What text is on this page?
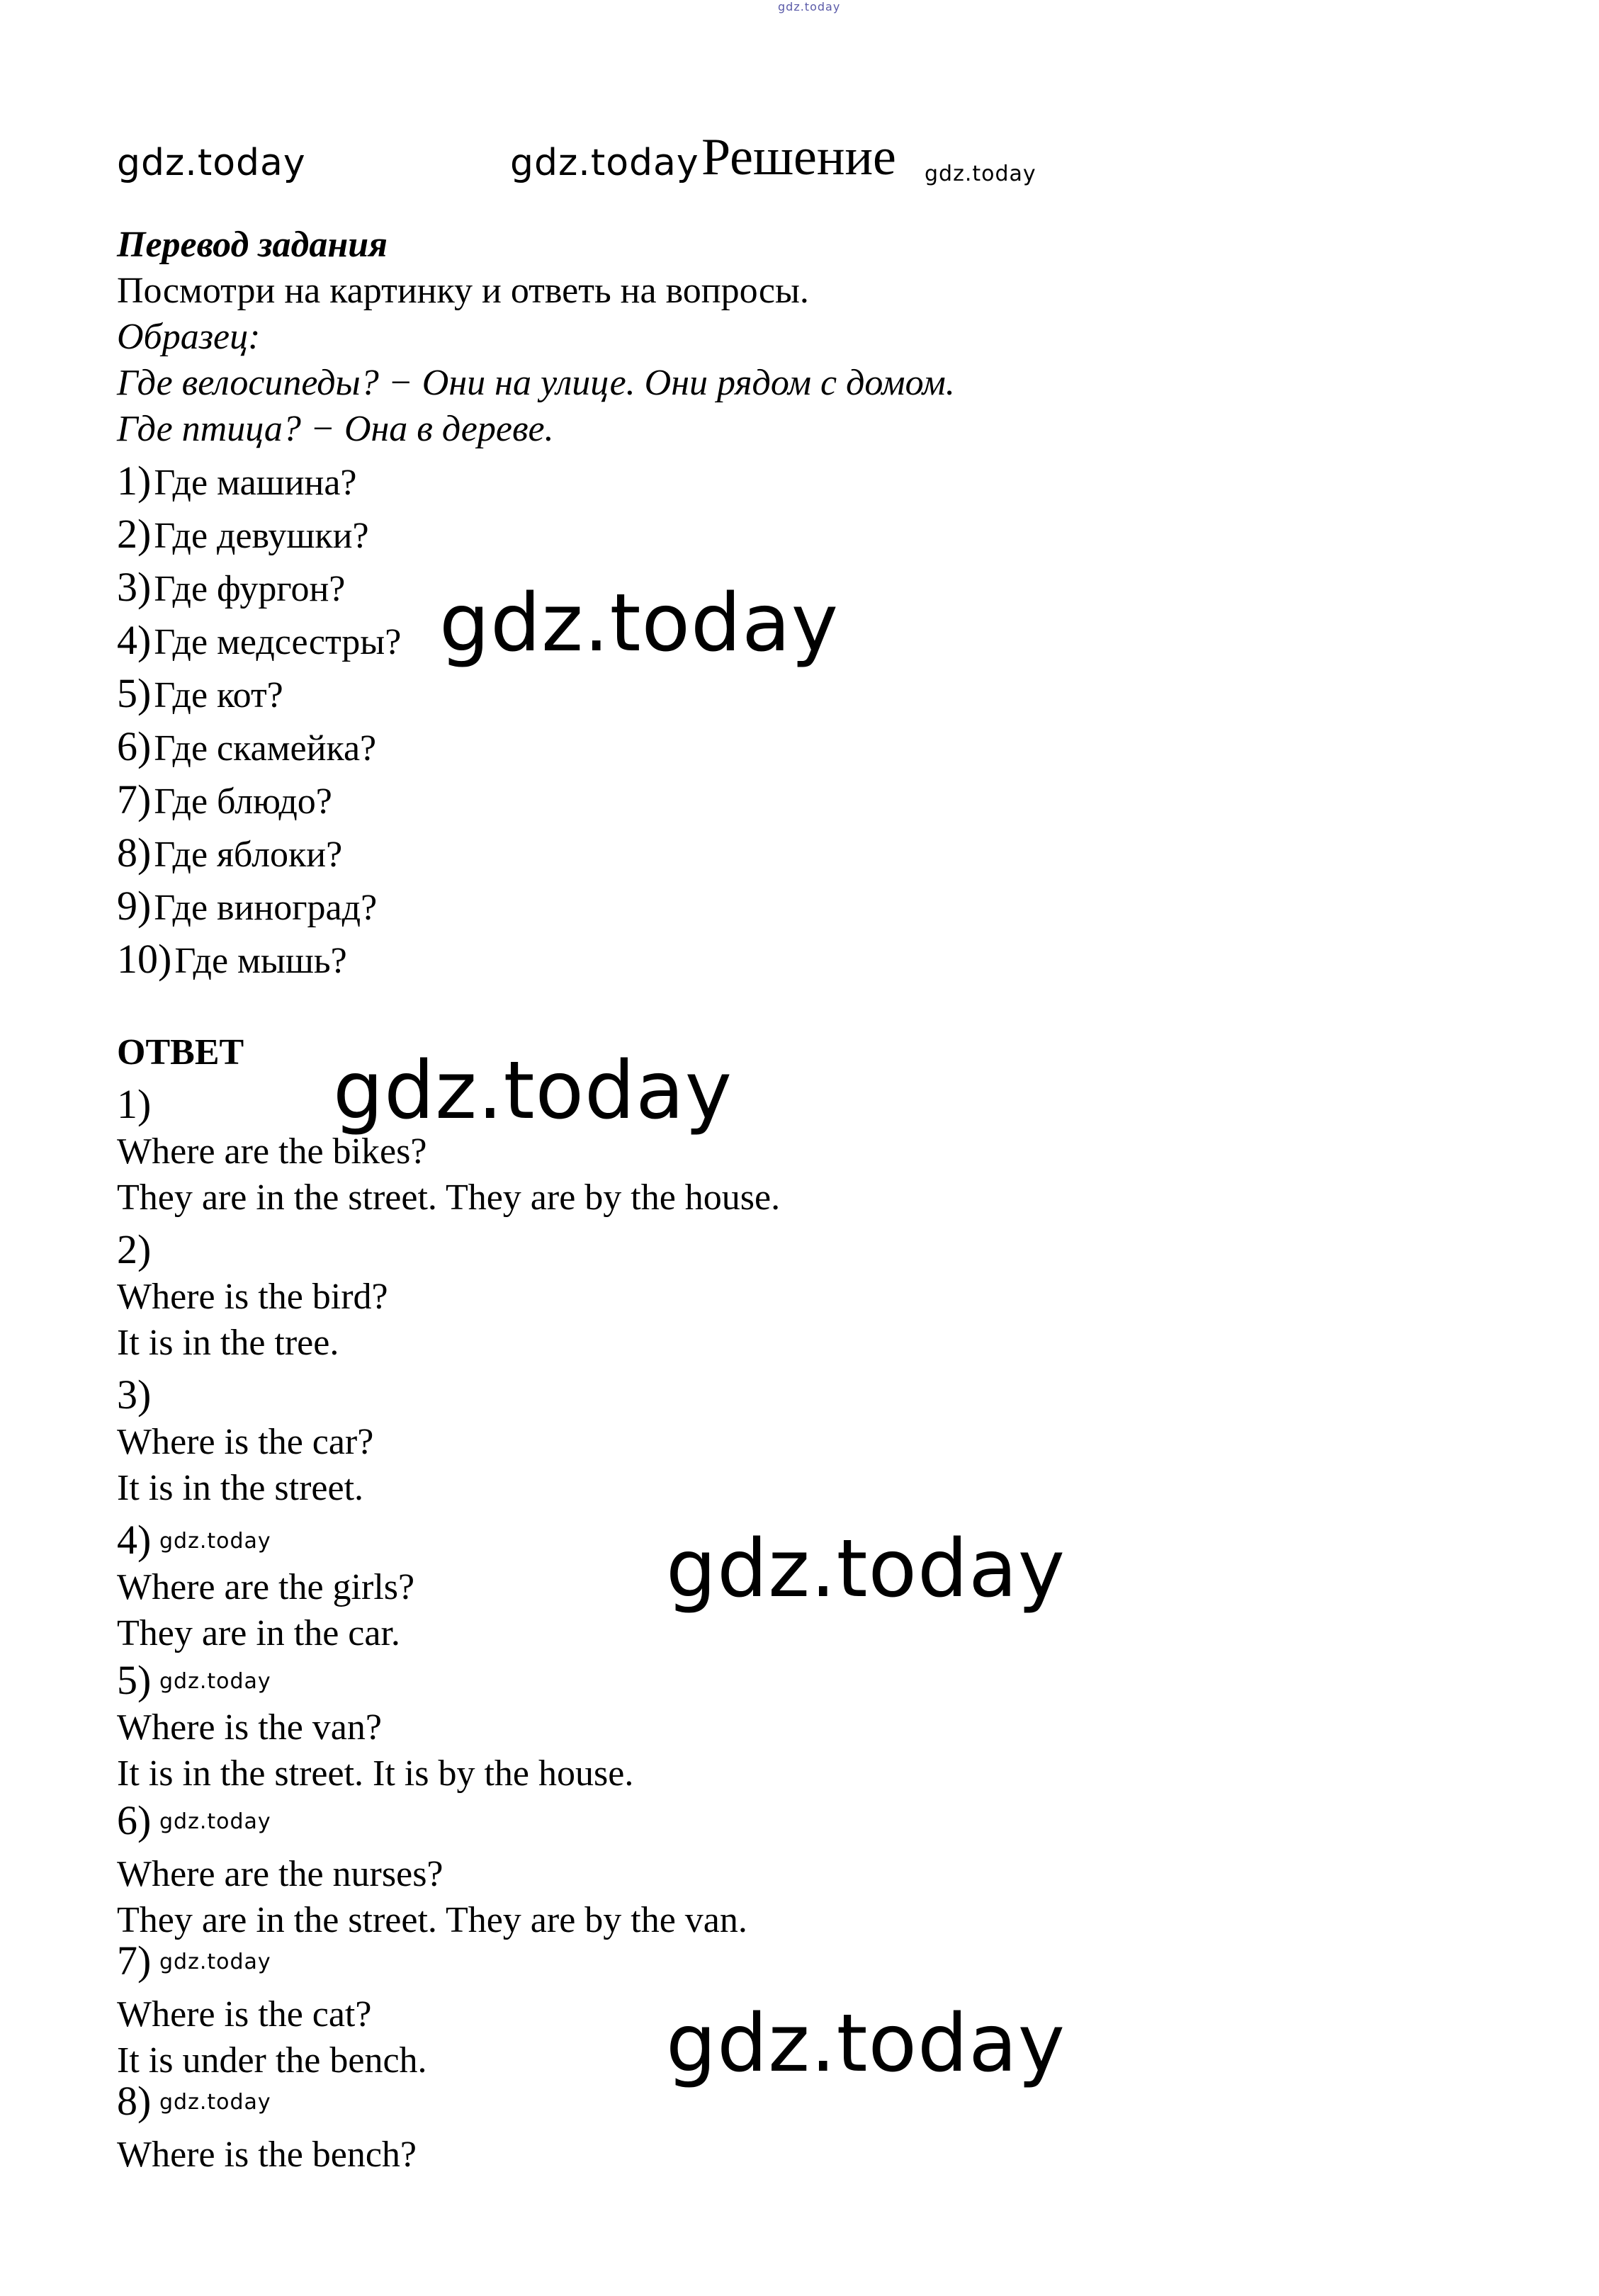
gdz.today
gdz.today	gdz.today Решение gdz.today
Перевод задания
Посмотри на картинку и ответь на вопросы.
Образец:
Где велосипеды? − Они на улице. Они рядом с домом.
Где птица? − Она в дереве.
1) Где машина?
2) Где девушки?
3) Где фургон?
4) Где медсестры? gdz.today
5) Где кот?
6) Где скамейка?
7) Где блюдо?
8) Где яблоки?
9) Где виноград?
10) Где мышь?
ОТВЕТ
1) gdz.today
Where are the bikes?
They are in the street. They are by the house.
2)
Where is the bird?
It is in the tree.
3)
Where is the car?
It is in the street.
4) gdz.today	gdz.today
Where are the girls?
They are in the car.
5) gdz.today
Where is the van?
It is in the street. It is by the house.
6) gdz.today
Where are the nurses?
They are in the street. They are by the van.
7) gdz.today
gdz.today
Where is the cat?
It is under the bench.
8) gdz.today
Where is the bench?
